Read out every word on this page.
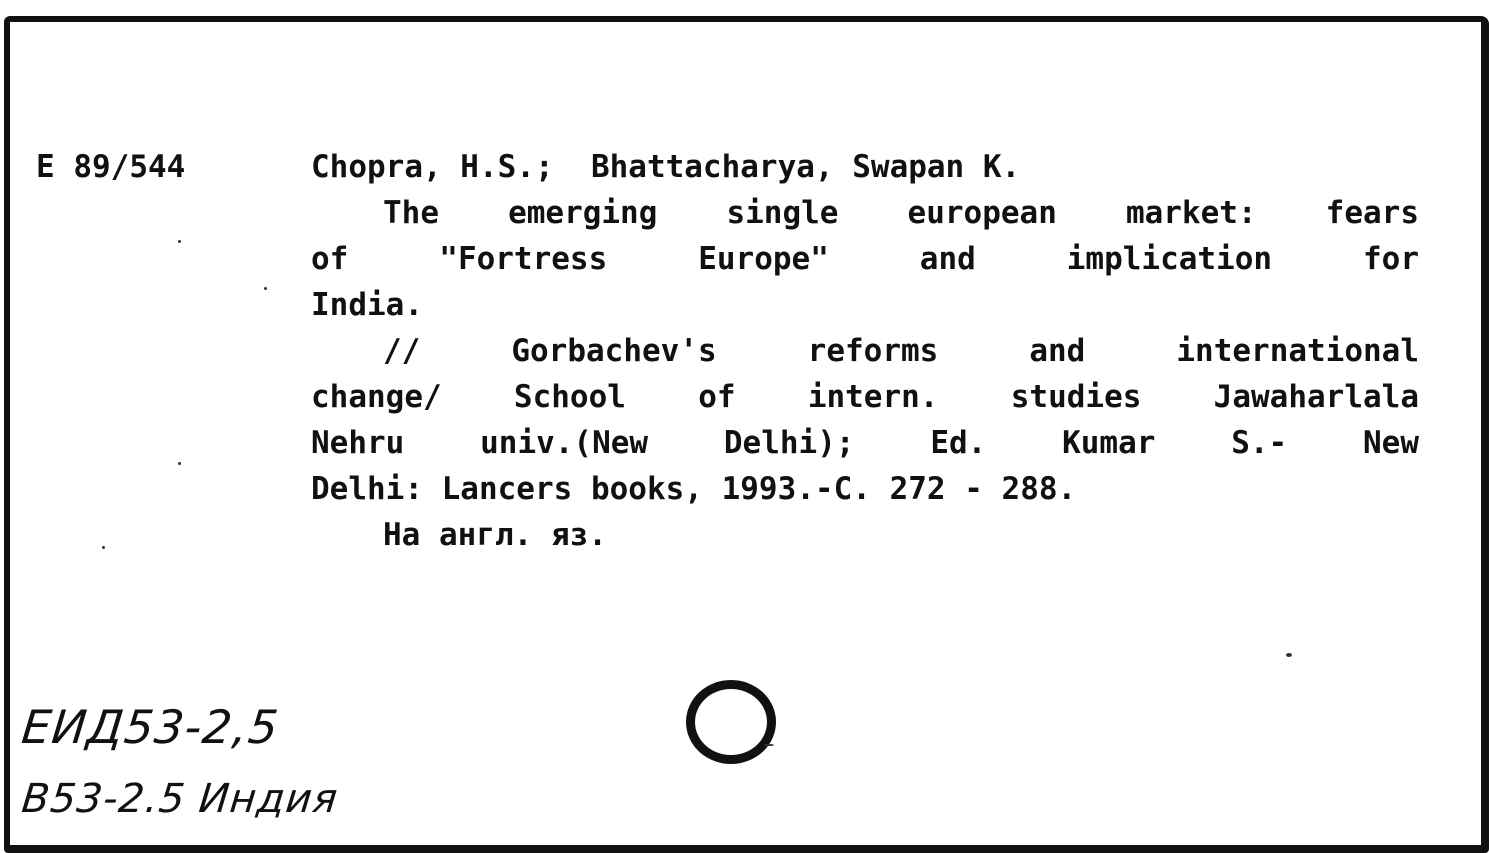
E 89/544	Chopra, H.S.;  Bhattacharya, Swapan K.
The emerging single european market: fears
of "Fortress Europe" and implication for
India.
// Gorbachev's reforms and international
change/ School of intern. studies Jawaharlala
Nehru univ.(New Delhi); Ed. Kumar S.- New
Delhi: Lancers books, 1993.-C. 272 - 288.
На англ. яз.
ЕИД53-2,5
В53-2.5 Индия
